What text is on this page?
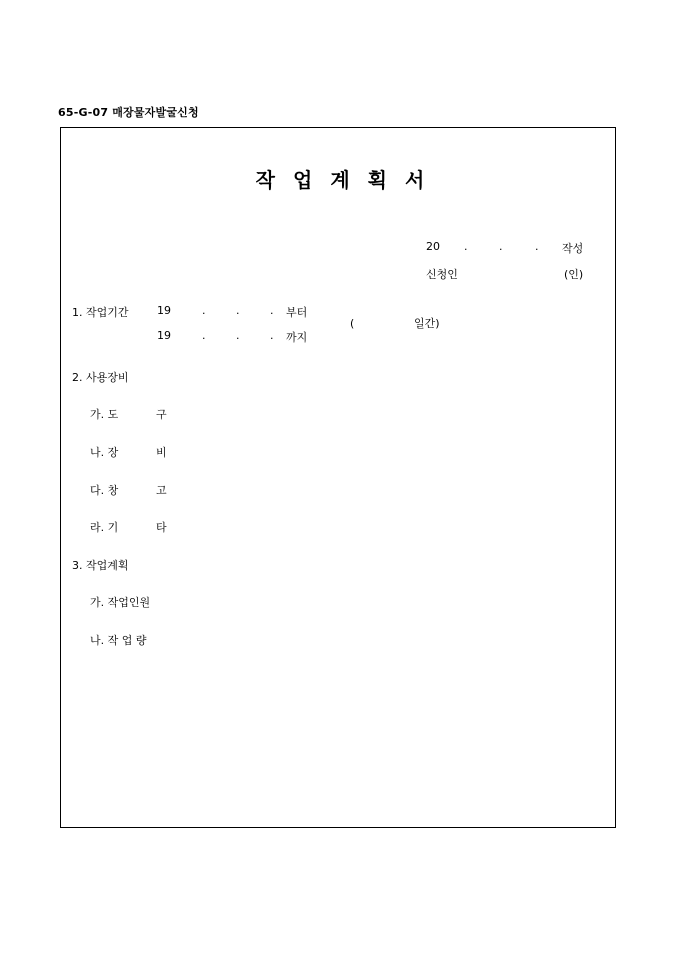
65-G-07 매장물자발굴신청
작 업 계 획 서
20 .	.	. 작성
신청인	(인)
1. 작업기간	19	.	.	. 부터
19	.	.	. 까지
(	일간)
2. 사용장비
가. 도	구
나. 장	비
다. 창	고
라. 기	타
3. 작업계획
가. 작업인원
나. 작 업 량
